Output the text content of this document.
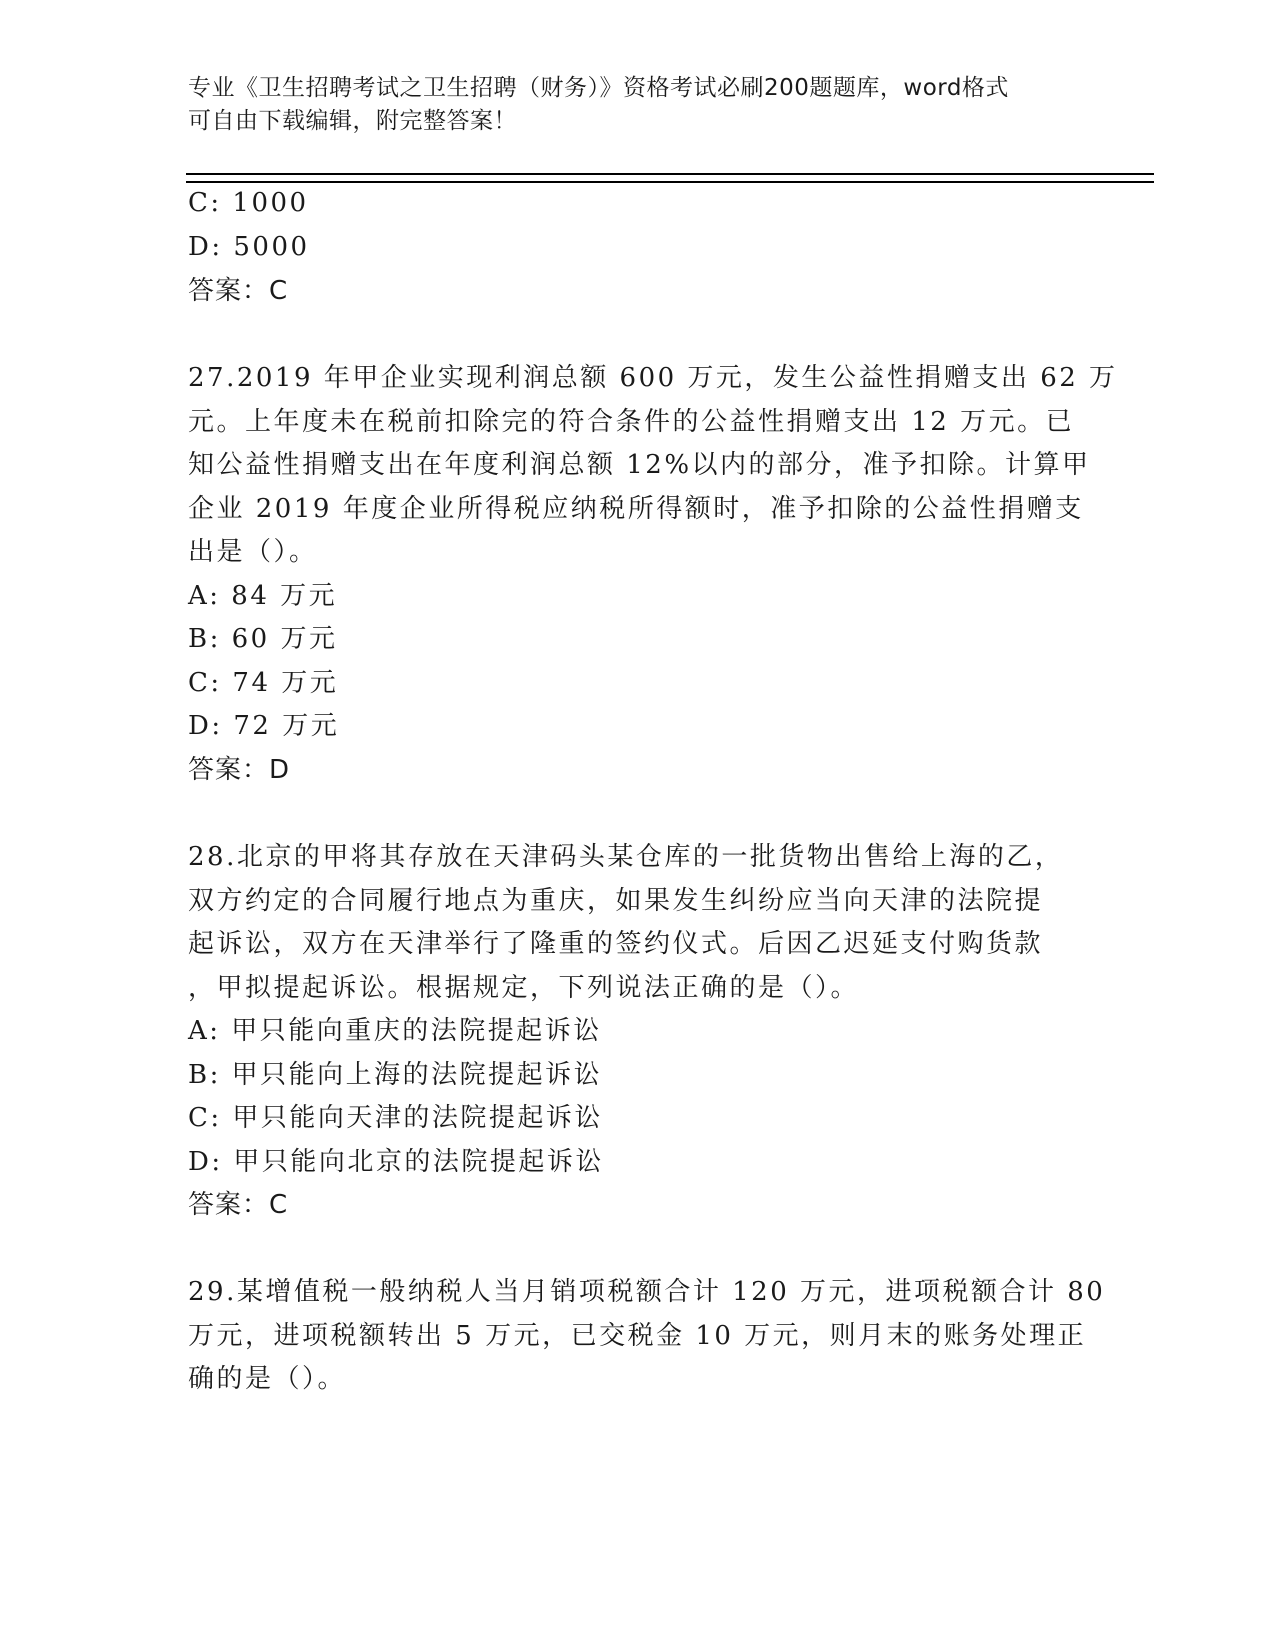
专业《卫生招聘考试之卫生招聘（财务）》资格考试必刷200题题库，word格式
可自由下载编辑，附完整答案！
C: 1000
D: 5000
答案：C
27.2019 年甲企业实现利润总额 600 万元，发生公益性捐赠支出 62 万
元。上年度未在税前扣除完的符合条件的公益性捐赠支出 12 万元。已
知公益性捐赠支出在年度利润总额 12%以内的部分，准予扣除。计算甲
企业 2019 年度企业所得税应纳税所得额时，准予扣除的公益性捐赠支
出是（）。
A: 84 万元
B: 60 万元
C: 74 万元
D: 72 万元
答案：D
28.北京的甲将其存放在天津码头某仓库的一批货物出售给上海的乙，
双方约定的合同履行地点为重庆，如果发生纠纷应当向天津的法院提
起诉讼，双方在天津举行了隆重的签约仪式。后因乙迟延支付购货款
，甲拟提起诉讼。根据规定，下列说法正确的是（）。
A: 甲只能向重庆的法院提起诉讼
B: 甲只能向上海的法院提起诉讼
C: 甲只能向天津的法院提起诉讼
D: 甲只能向北京的法院提起诉讼
答案：C
29.某增值税一般纳税人当月销项税额合计 120 万元，进项税额合计 80
万元，进项税额转出 5 万元，已交税金 10 万元，则月末的账务处理正
确的是（）。
